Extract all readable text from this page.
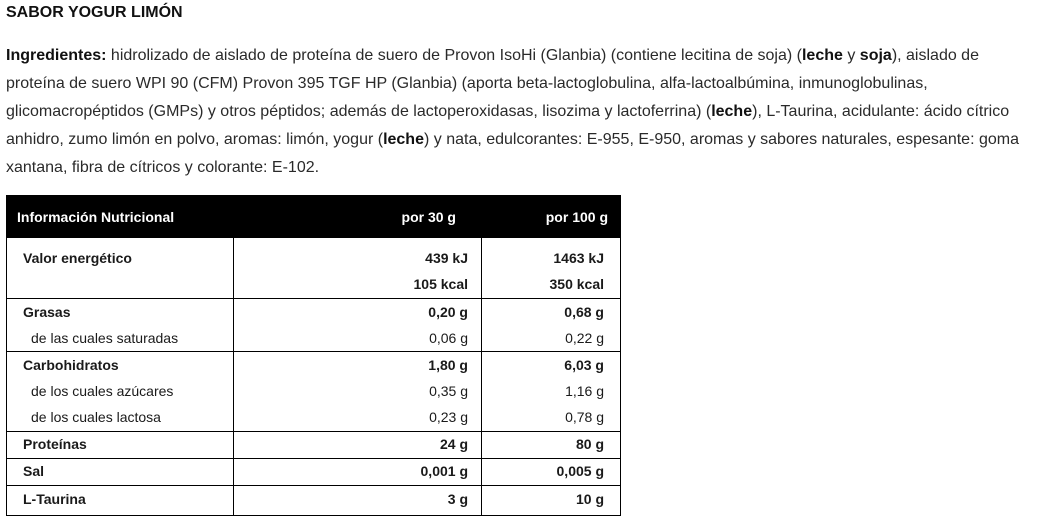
SABOR YOGUR LIMÓN
Ingredientes: hidrolizado de aislado de proteína de suero de Provon IsoHi (Glanbia) (contiene lecitina de soja) (leche y soja), aislado de proteína de suero WPI 90 (CFM) Provon 395 TGF HP (Glanbia) (aporta beta-lactoglobulina, alfa-lactoalbúmina, inmunoglobulinas, glicomacropéptidos (GMPs) y otros péptidos; además de lactoperoxidasas, lisozima y lactoferrina) (leche), L-Taurina, acidulante: ácido cítrico anhidro, zumo limón en polvo, aromas: limón, yogur (leche) y nata, edulcorantes: E-955, E-950, aromas y sabores naturales, espesante: goma xantana, fibra de cítricos y colorante: E-102.
Información Nutricional	por 30 g	por 100 g
Valor energético	439 kJ	1463 kJ
105 kcal	350 kcal
Grasas	0,20 g	0,68 g
de las cuales saturadas	0,06 g	0,22 g
Carbohidratos	1,80 g	6,03 g
de los cuales azúcares	0,35 g	1,16 g
de los cuales lactosa	0,23 g	0,78 g
Proteínas	24 g	80 g
Sal	0,001 g	0,005 g
L-Taurina	3 g	10 g
